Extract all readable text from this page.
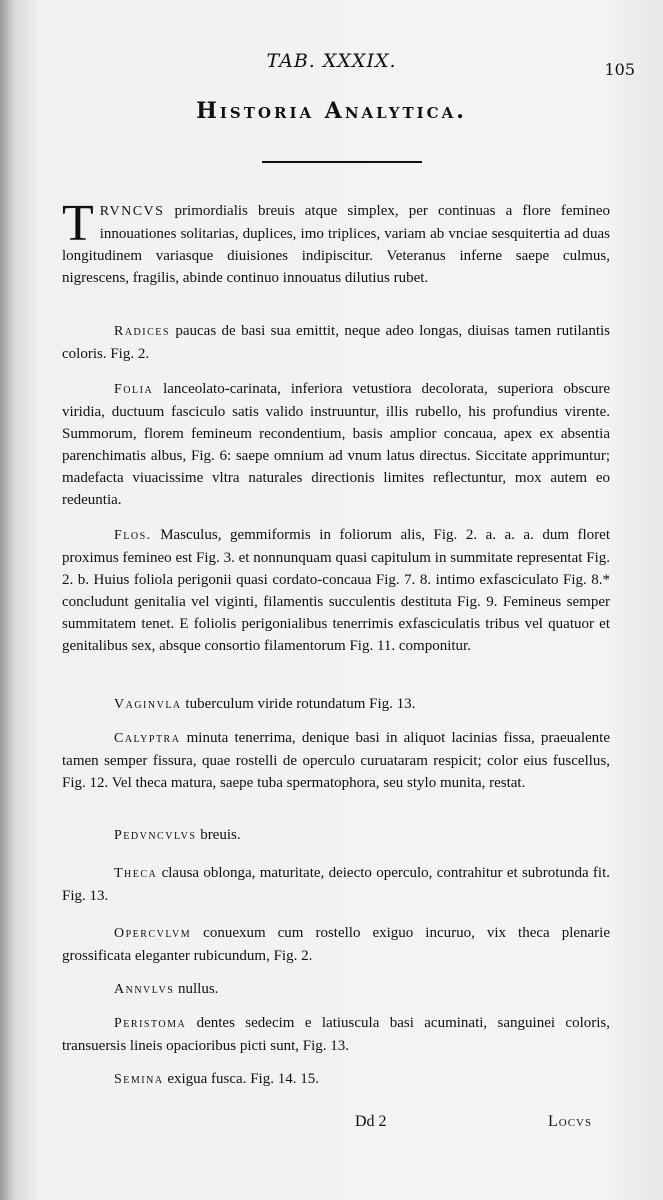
TAB. XXXIX.	105
Historia Analytica.

TRVNCVS primordialis breuis atque simplex, per continuas a flore femineo innouationes solitarias, duplices, imo triplices, variam ab vnciae sesquitertia ad duas longitudinem variasque diuisiones indipiscitur. Veteranus inferne saepe culmus, nigrescens, fragilis, abinde continuo innouatus dilutius rubet.

Radices paucas de basi sua emittit, neque adeo longas, diuisas tamen rutilantis coloris. Fig. 2.

Folia lanceolato-carinata, inferiora vetustiora decolorata, superiora obscure viridia, ductuum fasciculo satis valido instruuntur, illis rubello, his profundius virente. Summorum, florem femineum recondentium, basis amplior concaua, apex ex absentia parenchimatis albus, Fig. 6: saepe omnium ad vnum latus directus. Siccitate apprimuntur; madefacta viuacissime vltra naturales directionis limites reflectuntur, mox autem eo redeuntia.

Flos. Masculus, gemmiformis in foliorum alis, Fig. 2. a. a. a. dum floret proximus femineo est Fig. 3. et nonnunquam quasi capitulum in summitate representat Fig. 2. b. Huius foliola perigonii quasi cordato-concaua Fig. 7. 8. intimo exfasciculato Fig. 8.* concludunt genitalia vel viginti, filamentis succulentis destituta Fig. 9. Femineus semper summitatem tenet. E foliolis perigonialibus tenerrimis exfasciculatis tribus vel quatuor et genitalibus sex, absque consortio filamentorum Fig. 11. componitur.

Vaginvla tuberculum viride rotundatum Fig. 13.

Calyptra minuta tenerrima, denique basi in aliquot lacinias fissa, praeualente tamen semper fissura, quae rostelli de operculo curuataram respicit; color eius fuscellus, Fig. 12. Vel theca matura, saepe tuba spermatophora, seu stylo munita, restat.

Pedvncvlvs breuis.

Theca clausa oblonga, maturitate, deiecto operculo, contrahitur et subrotunda fit. Fig. 13.

Opercvlvm conuexum cum rostello exiguo incuruo, vix theca plenarie grossificata eleganter rubicundum, Fig. 2.

Annvlvs nullus.

Peristoma dentes sedecim e latiuscula basi acuminati, sanguinei coloris, transuersis lineis opacioribus picti sunt, Fig. 13.

Semina exigua fusca. Fig. 14. 15.

Dd 2	Locvs
